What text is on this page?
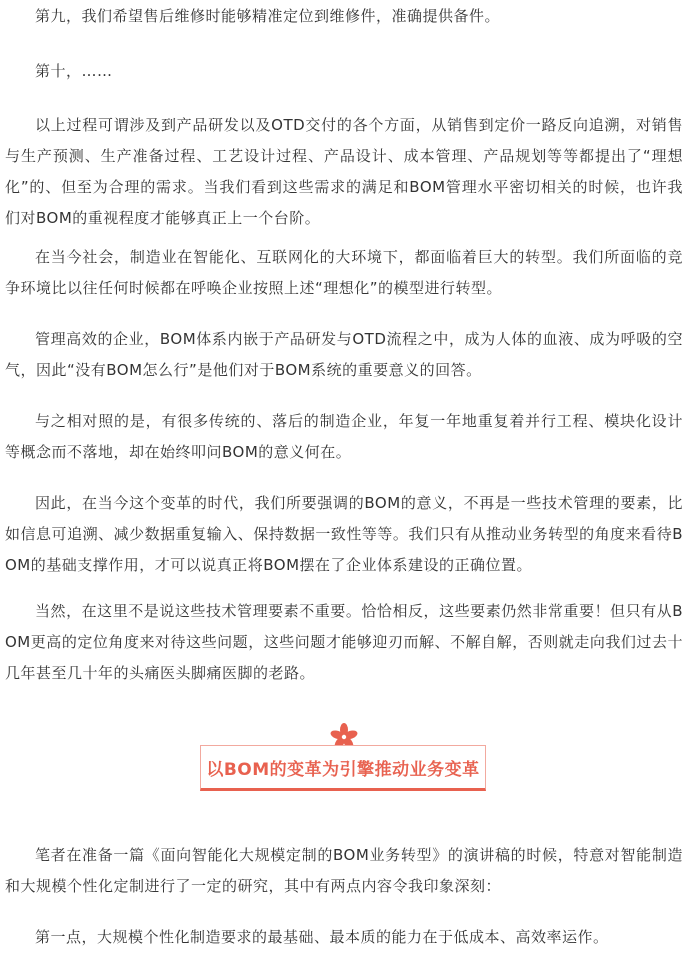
第九，我们希望售后维修时能够精准定位到维修件，准确提供备件。

第十，……

以上过程可谓涉及到产品研发以及OTD交付的各个方面，从销售到定价一路反向追溯，对销售与生产预测、生产准备过程、工艺设计过程、产品设计、成本管理、产品规划等等都提出了“理想化”的、但至为合理的需求。当我们看到这些需求的满足和BOM管理水平密切相关的时候，也许我们对BOM的重视程度才能够真正上一个台阶。

在当今社会，制造业在智能化、互联网化的大环境下，都面临着巨大的转型。我们所面临的竞争环境比以往任何时候都在呼唤企业按照上述“理想化”的模型进行转型。

管理高效的企业，BOM体系内嵌于产品研发与OTD流程之中，成为人体的血液、成为呼吸的空气，因此“没有BOM怎么行”是他们对于BOM系统的重要意义的回答。

与之相对照的是，有很多传统的、落后的制造企业，年复一年地重复着并行工程、模块化设计等概念而不落地，却在始终叩问BOM的意义何在。

因此，在当今这个变革的时代，我们所要强调的BOM的意义，不再是一些技术管理的要素，比如信息可追溯、减少数据重复输入、保持数据一致性等等。我们只有从推动业务转型的角度来看待BOM的基础支撑作用，才可以说真正将BOM摆在了企业体系建设的正确位置。

当然，在这里不是说这些技术管理要素不重要。恰恰相反，这些要素仍然非常重要！但只有从BOM更高的定位角度来对待这些问题，这些问题才能够迎刃而解、不解自解，否则就走向我们过去十几年甚至几十年的头痛医头脚痛医脚的老路。

以BOM的变革为引擎推动业务变革

笔者在准备一篇《面向智能化大规模定制的BOM业务转型》的演讲稿的时候，特意对智能制造和大规模个性化定制进行了一定的研究，其中有两点内容令我印象深刻：

第一点，大规模个性化制造要求的最基础、最本质的能力在于低成本、高效率运作。
